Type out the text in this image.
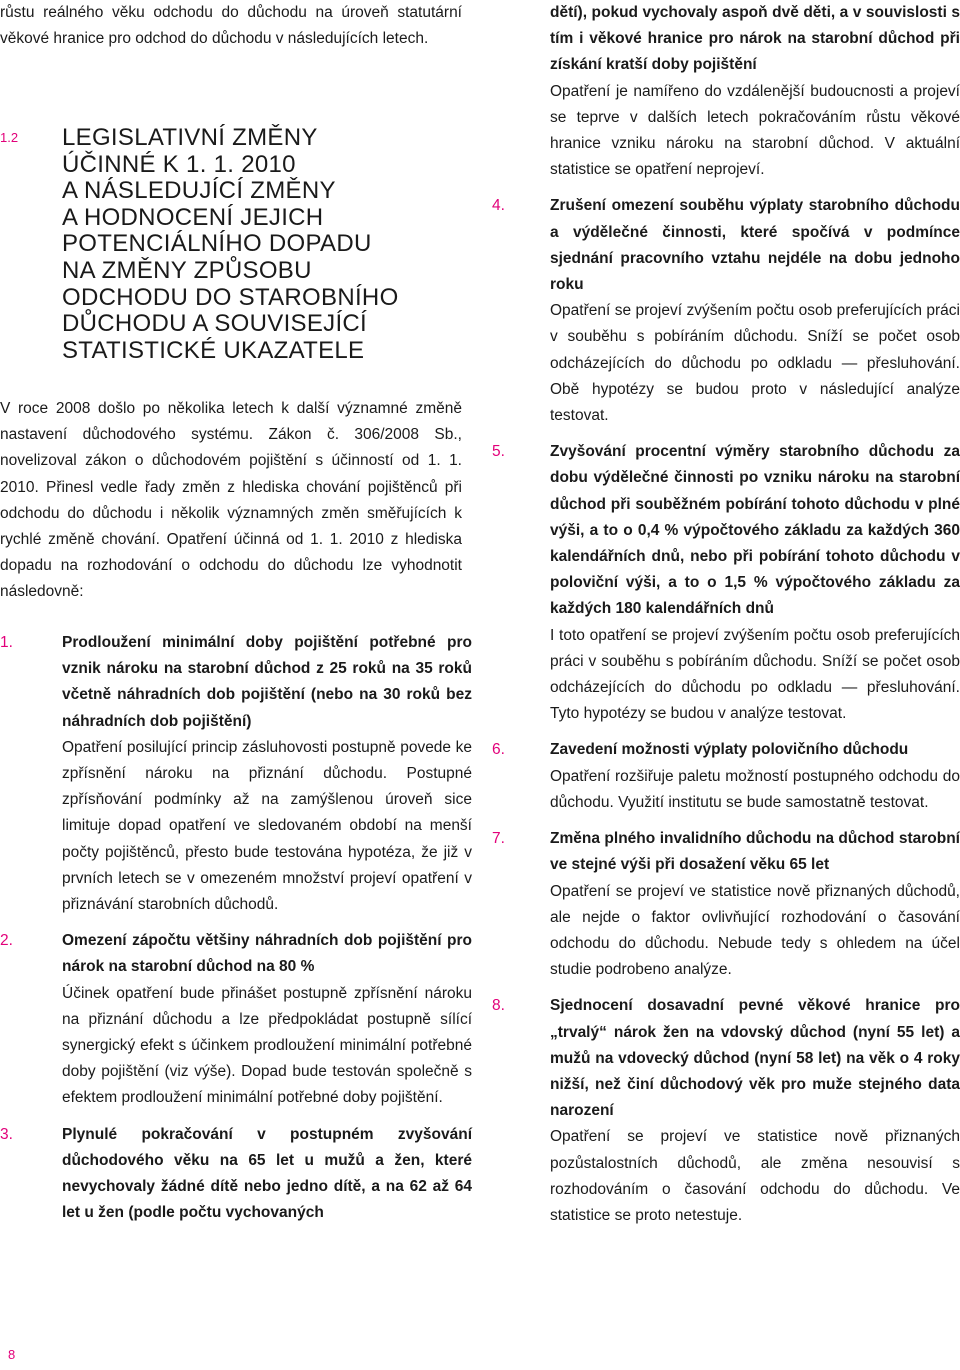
růstu reálného věku odchodu do důchodu na úroveň statutární věkové hranice pro odchod do důchodu v následujících letech.

1.2	LEGISLATIVNÍ ZMĚNY
ÚČINNÉ K 1. 1. 2010
A NÁSLEDUJÍCÍ ZMĚNY
A HODNOCENÍ JEJICH
POTENCIÁLNÍHO DOPADU
NA ZMĚNY ZPŮSOBU
ODCHODU DO STAROBNÍHO
DŮCHODU A SOUVISEJÍCÍ
STATISTICKÉ UKAZATELE

V roce 2008 došlo po několika letech k další významné změně nastavení důchodového systému. Zákon č. 306/2008 Sb., novelizoval zákon o důchodovém pojištění s účinností od 1. 1. 2010. Přinesl vedle řady změn z hlediska chování pojištěnců při odchodu do důchodu i několik významných změn směřujících k rychlé změně chování. Opatření účinná od 1. 1. 2010 z hlediska dopadu na rozhodování o odchodu do důchodu lze vyhodnotit následovně:

1.	Prodloužení minimální doby pojištění potřebné pro vznik nároku na starobní důchod z 25 roků na 35 roků včetně náhradních dob pojištění (nebo na 30 roků bez náhradních dob pojištění)

Opatření posilující princip zásluhovosti postupně povede ke zpřísnění nároku na přiznání důchodu. Postupné zpřísňování podmínky až na zamýšlenou úroveň sice limituje dopad opatření ve sledovaném období na menší počty pojištěnců, přesto bude testována hypotéza, že již v prvních letech se v omezeném množství projeví opatření v přiznávání starobních důchodů.

2.	Omezení zápočtu většiny náhradních dob pojištění pro nárok na starobní důchod na 80 %

Účinek opatření bude přinášet postupně zpřísnění nároku na přiznání důchodu a lze předpokládat postupně sílící synergický efekt s účinkem prodloužení minimální potřebné doby pojištění (viz výše). Dopad bude testován společně s efektem prodloužení minimální potřebné doby pojištění.

3.	Plynulé pokračování v postupném zvyšování důchodového věku na 65 let u mužů a žen, které nevychovaly žádné dítě nebo jedno dítě, a na 62 až 64 let u žen (podle počtu vychovaných

dětí), pokud vychovaly aspoň dvě děti, a v souvislosti s tím i věkové hranice pro nárok na starobní důchod při získání kratší doby pojištění

Opatření je namířeno do vzdálenější budoucnosti a projeví se teprve v dalších letech pokračováním růstu věkové hranice vzniku nároku na starobní důchod. V aktuální statistice se opatření neprojeví.

4.	Zrušení omezení souběhu výplaty starobního důchodu a výdělečné činnosti, které spočívá v podmínce sjednání pracovního vztahu nejdéle na dobu jednoho roku

Opatření se projeví zvýšením počtu osob preferujících práci v souběhu s pobíráním důchodu. Sníží se počet osob odcházejících do důchodu po odkladu — přesluhování. Obě hypotézy se budou proto v následující analýze testovat.

5.	Zvyšování procentní výměry starobního důchodu za dobu výdělečné činnosti po vzniku nároku na starobní důchod při souběžném pobírání tohoto důchodu v plné výši, a to o 0,4 % výpočtového základu za každých 360 kalendářních dnů, nebo při pobírání tohoto důchodu v poloviční výši, a to o 1,5 % výpočtového základu za každých 180 kalendářních dnů

I toto opatření se projeví zvýšením počtu osob preferujících práci v souběhu s pobíráním důchodu. Sníží se počet osob odcházejících do důchodu po odkladu — přesluhování. Tyto hypotézy se budou v analýze testovat.

6.	Zavedení možnosti výplaty polovičního důchodu

Opatření rozšiřuje paletu možností postupného odchodu do důchodu. Využití institutu se bude samostatně testovat.

7.	Změna plného invalidního důchodu na důchod starobní ve stejné výši při dosažení věku 65 let

Opatření se projeví ve statistice nově přiznaných důchodů, ale nejde o faktor ovlivňující rozhodování o časování odchodu do důchodu. Nebude tedy s ohledem na účel studie podrobeno analýze.

8.	Sjednocení dosavadní pevné věkové hranice pro „trvalý“ nárok žen na vdovský důchod (nyní 55 let) a mužů na vdovecký důchod (nyní 58 let) na věk o 4 roky nižší, než činí důchodový věk pro muže stejného data narození

Opatření se projeví ve statistice nově přiznaných pozůstalostních důchodů, ale změna nesouvisí s rozhodováním o časování odchodu do důchodu. Ve statistice se proto netestuje.

8
